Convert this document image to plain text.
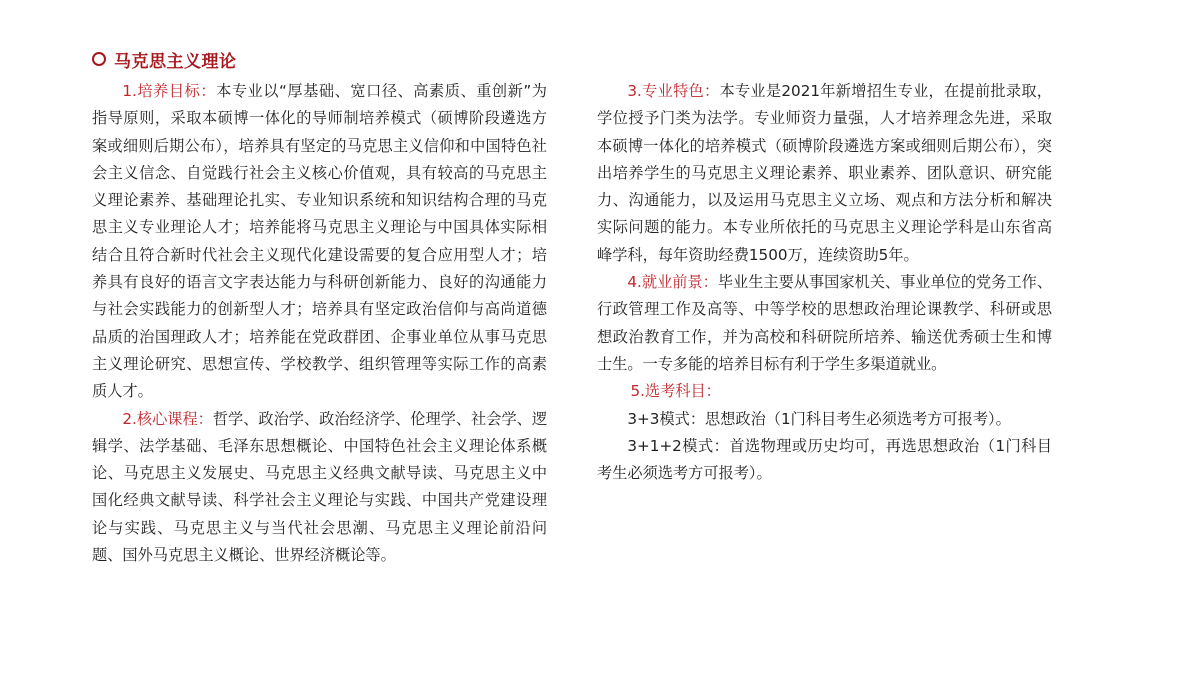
马克思主义理论

1.培养目标：本专业以“厚基础、宽口径、高素质、重创新”为指导原则，采取本硕博一体化的导师制培养模式（硕博阶段遴选方案或细则后期公布），培养具有坚定的马克思主义信仰和中国特色社会主义信念、自觉践行社会主义核心价值观，具有较高的马克思主义理论素养、基础理论扎实、专业知识系统和知识结构合理的马克思主义专业理论人才；培养能将马克思主义理论与中国具体实际相结合且符合新时代社会主义现代化建设需要的复合应用型人才；培养具有良好的语言文字表达能力与科研创新能力、良好的沟通能力与社会实践能力的创新型人才；培养具有坚定政治信仰与高尚道德品质的治国理政人才；培养能在党政群团、企事业单位从事马克思主义理论研究、思想宣传、学校教学、组织管理等实际工作的高素质人才。

2.核心课程：哲学、政治学、政治经济学、伦理学、社会学、逻辑学、法学基础、毛泽东思想概论、中国特色社会主义理论体系概论、马克思主义发展史、马克思主义经典文献导读、马克思主义中国化经典文献导读、科学社会主义理论与实践、中国共产党建设理论与实践、马克思主义与当代社会思潮、马克思主义理论前沿问题、国外马克思主义概论、世界经济概论等。

3.专业特色：本专业是2021年新增招生专业，在提前批录取，学位授予门类为法学。专业师资力量强，人才培养理念先进，采取本硕博一体化的培养模式（硕博阶段遴选方案或细则后期公布），突出培养学生的马克思主义理论素养、职业素养、团队意识、研究能力、沟通能力，以及运用马克思主义立场、观点和方法分析和解决实际问题的能力。本专业所依托的马克思主义理论学科是山东省高峰学科，每年资助经费1500万，连续资助5年。

4.就业前景：毕业生主要从事国家机关、事业单位的党务工作、行政管理工作及高等、中等学校的思想政治理论课教学、科研或思想政治教育工作，并为高校和科研院所培养、输送优秀硕士生和博士生。一专多能的培养目标有利于学生多渠道就业。

5.选考科目：

3+3模式：思想政治（1门科目考生必须选考方可报考）。

3+1+2模式：首选物理或历史均可，再选思想政治（1门科目考生必须选考方可报考）。
